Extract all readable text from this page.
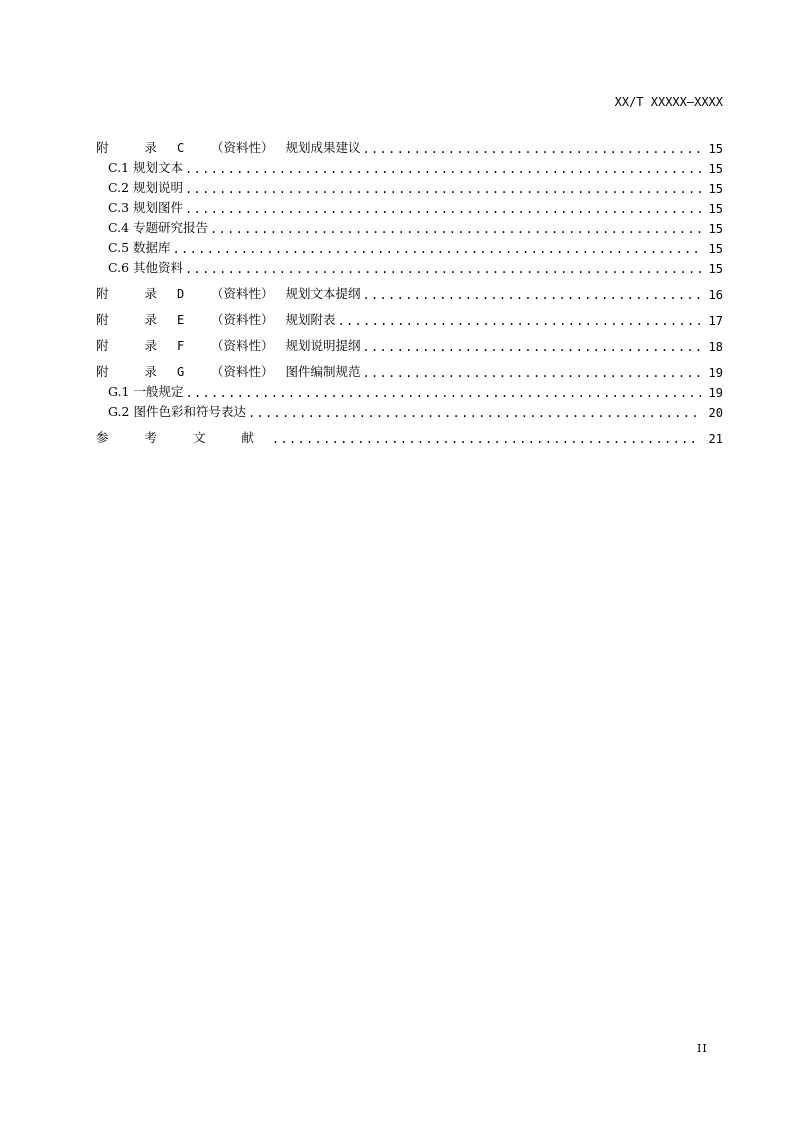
XX/T XXXXX—XXXX
附 录 C （资料性） 规划成果建议 .....	15
C.1 规划文本 .....	15
C.2 规划说明 .....	15
C.3 规划图件 .....	15
C.4 专题研究报告 .....	15
C.5 数据库 .....	15
C.6 其他资料 .....	15
附 录 D （资料性） 规划文本提纲 .....	16
附 录 E （资料性） 规划附表 .....	17
附 录 F （资料性） 规划说明提纲 .....	18
附 录 G （资料性） 图件编制规范 .....	19
G.1 一般规定 .....	19
G.2 图件色彩和符号表达 .....	20
参 考 文 献 .....	21
II
